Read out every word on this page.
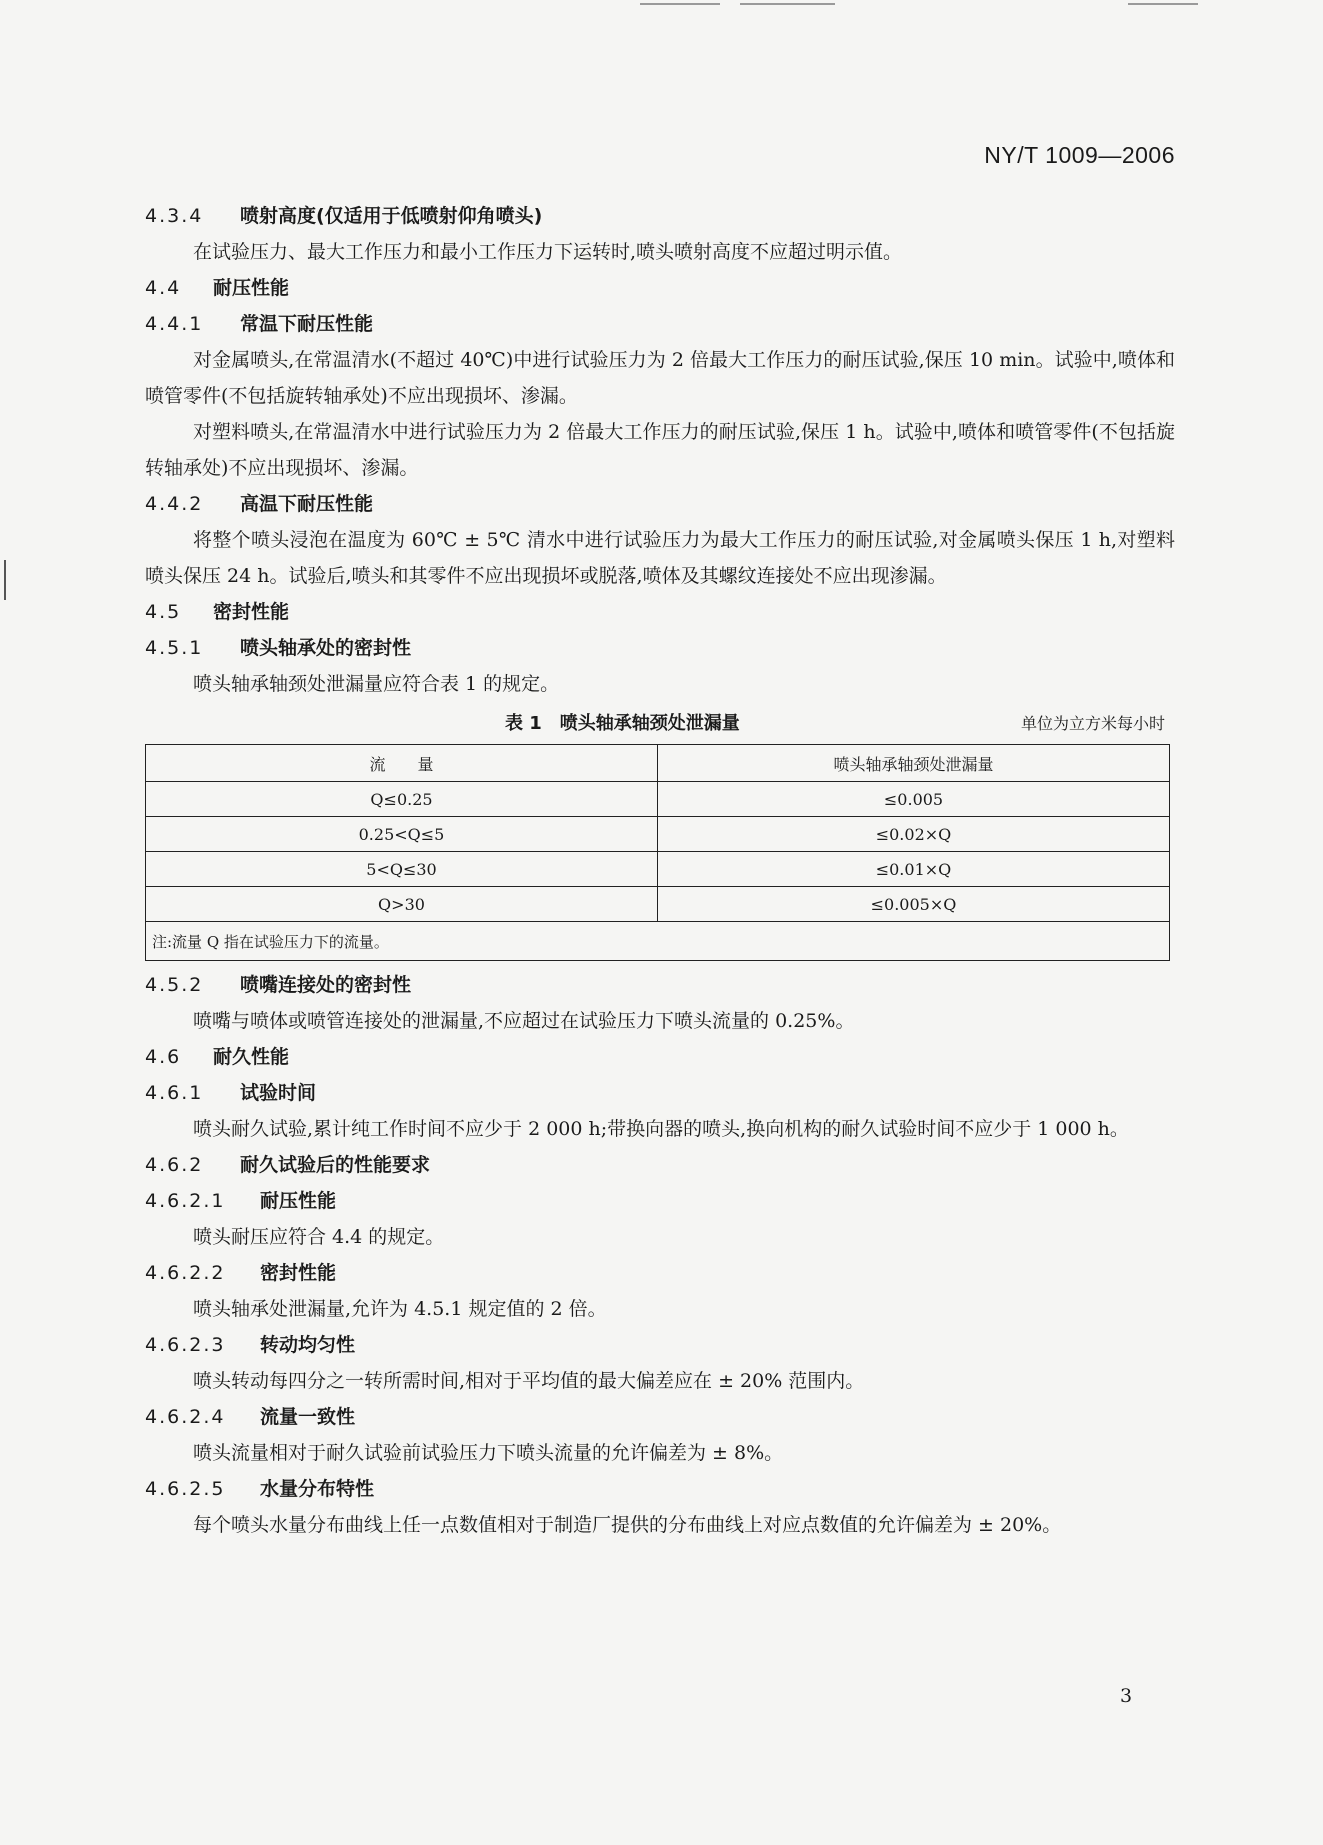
NY/T 1009—2006
4.3.4 喷射高度(仅适用于低喷射仰角喷头)
在试验压力、最大工作压力和最小工作压力下运转时,喷头喷射高度不应超过明示值。
4.4 耐压性能
4.4.1 常温下耐压性能
对金属喷头,在常温清水(不超过 40℃)中进行试验压力为 2 倍最大工作压力的耐压试验,保压 10 min。试验中,喷体和喷管零件(不包括旋转轴承处)不应出现损坏、渗漏。
对塑料喷头,在常温清水中进行试验压力为 2 倍最大工作压力的耐压试验,保压 1 h。试验中,喷体和喷管零件(不包括旋转轴承处)不应出现损坏、渗漏。
4.4.2 高温下耐压性能
将整个喷头浸泡在温度为 60℃ ± 5℃ 清水中进行试验压力为最大工作压力的耐压试验,对金属喷头保压 1 h,对塑料喷头保压 24 h。试验后,喷头和其零件不应出现损坏或脱落,喷体及其螺纹连接处不应出现渗漏。
4.5 密封性能
4.5.1 喷头轴承处的密封性
喷头轴承轴颈处泄漏量应符合表 1 的规定。
表 1　喷头轴承轴颈处泄漏量	单位为立方米每小时
流　　量	喷头轴承轴颈处泄漏量
Q≤0.25	≤0.005
0.25<Q≤5	≤0.02×Q
5<Q≤30	≤0.01×Q
Q>30	≤0.005×Q
注:流量 Q 指在试验压力下的流量。	
4.5.2 喷嘴连接处的密封性
喷嘴与喷体或喷管连接处的泄漏量,不应超过在试验压力下喷头流量的 0.25%。
4.6 耐久性能
4.6.1 试验时间
喷头耐久试验,累计纯工作时间不应少于 2 000 h;带换向器的喷头,换向机构的耐久试验时间不应少于 1 000 h。
4.6.2 耐久试验后的性能要求
4.6.2.1 耐压性能
喷头耐压应符合 4.4 的规定。
4.6.2.2 密封性能
喷头轴承处泄漏量,允许为 4.5.1 规定值的 2 倍。
4.6.2.3 转动均匀性
喷头转动每四分之一转所需时间,相对于平均值的最大偏差应在 ± 20% 范围内。
4.6.2.4 流量一致性
喷头流量相对于耐久试验前试验压力下喷头流量的允许偏差为 ± 8%。
4.6.2.5 水量分布特性
每个喷头水量分布曲线上任一点数值相对于制造厂提供的分布曲线上对应点数值的允许偏差为 ± 20%。
3
